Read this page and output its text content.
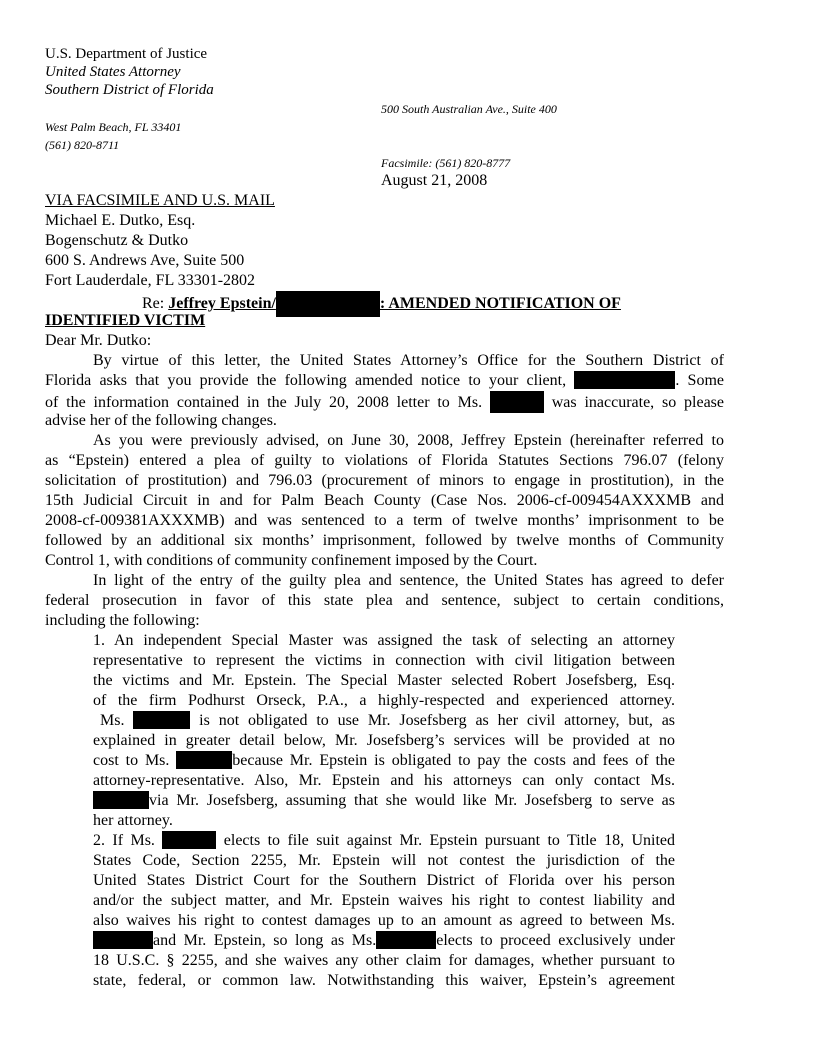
U.S. Department of Justice
United States Attorney
Southern District of Florida
500 South Australian Ave., Suite 400
West Palm Beach, FL 33401
(561) 820-8711
Facsimile: (561) 820-8777
August 21, 2008
VIA FACSIMILE AND U.S. MAIL
Michael E. Dutko, Esq.
Bogenschutz & Dutko
600 S. Andrews Ave, Suite 500
Fort Lauderdale, FL 33301-2802
Re: Jeffrey Epstein/	: AMENDED NOTIFICATION OF
IDENTIFIED VICTIM
Dear Mr. Dutko:
By virtue of this letter, the United States Attorney’s Office for the Southern District of
Florida asks that you provide the following amended notice to your client,	. Some
of the information contained in the July 20, 2008 letter to Ms.	was inaccurate, so please
advise her of the following changes.
As you were previously advised, on June 30, 2008, Jeffrey Epstein (hereinafter referred to
as “Epstein) entered a plea of guilty to violations of Florida Statutes Sections 796.07 (felony
solicitation of prostitution) and 796.03 (procurement of minors to engage in prostitution), in the
15th Judicial Circuit in and for Palm Beach County (Case Nos. 2006-cf-009454AXXXMB and
2008-cf-009381AXXXMB) and was sentenced to a term of twelve months’ imprisonment to be
followed by an additional six months’ imprisonment, followed by twelve months of Community
Control 1, with conditions of community confinement imposed by the Court.
In light of the entry of the guilty plea and sentence, the United States has agreed to defer
federal prosecution in favor of this state plea and sentence, subject to certain conditions,
including the following:
1. An independent Special Master was assigned the task of selecting an attorney
representative to represent the victims in connection with civil litigation between
the victims and Mr. Epstein. The Special Master selected Robert Josefsberg, Esq.
of the firm Podhurst Orseck, P.A., a highly-respected and experienced attorney.
Ms.	is not obligated to use Mr. Josefsberg as her civil attorney, but, as
explained in greater detail below, Mr. Josefsberg’s services will be provided at no
cost to Ms.	because Mr. Epstein is obligated to pay the costs and fees of the
attorney-representative. Also, Mr. Epstein and his attorneys can only contact Ms.
via Mr. Josefsberg, assuming that she would like Mr. Josefsberg to serve as
her attorney.
2. If Ms.	elects to file suit against Mr. Epstein pursuant to Title 18, United
States Code, Section 2255, Mr. Epstein will not contest the jurisdiction of the
United States District Court for the Southern District of Florida over his person
and/or the subject matter, and Mr. Epstein waives his right to contest liability and
also waives his right to contest damages up to an amount as agreed to between Ms.
and Mr. Epstein, so long as Ms.	elects to proceed exclusively under
18 U.S.C. § 2255, and she waives any other claim for damages, whether pursuant to
state, federal, or common law. Notwithstanding this waiver, Epstein’s agreement
